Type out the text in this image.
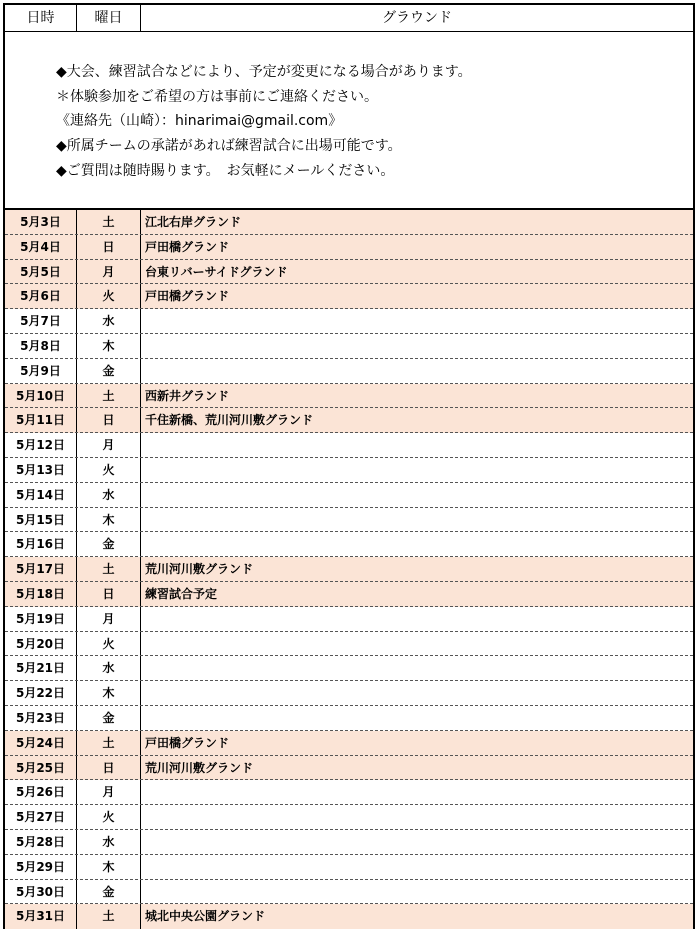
日時	曜日	グラウンド
◆大会、練習試合などにより、予定が変更になる場合があります。
＊体験参加をご希望の方は事前にご連絡ください。
《連絡先（山崎）：hinarimai@gmail.com》
◆所属チームの承諾があれば練習試合に出場可能です。
◆ご質問は随時賜ります。　お気軽にメールください。
5月3日	土	江北右岸グランド
5月4日	日	戸田橋グランド
5月5日	月	台東リバーサイドグランド
5月6日	火	戸田橋グランド
5月7日	水
5月8日	木
5月9日	金
5月10日	土	西新井グランド
5月11日	日	千住新橋、荒川河川敷グランド
5月12日	月
5月13日	火
5月14日	水
5月15日	木
5月16日	金
5月17日	土	荒川河川敷グランド
5月18日	日	練習試合予定
5月19日	月
5月20日	火
5月21日	水
5月22日	木
5月23日	金
5月24日	土	戸田橋グランド
5月25日	日	荒川河川敷グランド
5月26日	月
5月27日	火
5月28日	水
5月29日	木
5月30日	金
5月31日	土	城北中央公園グランド
